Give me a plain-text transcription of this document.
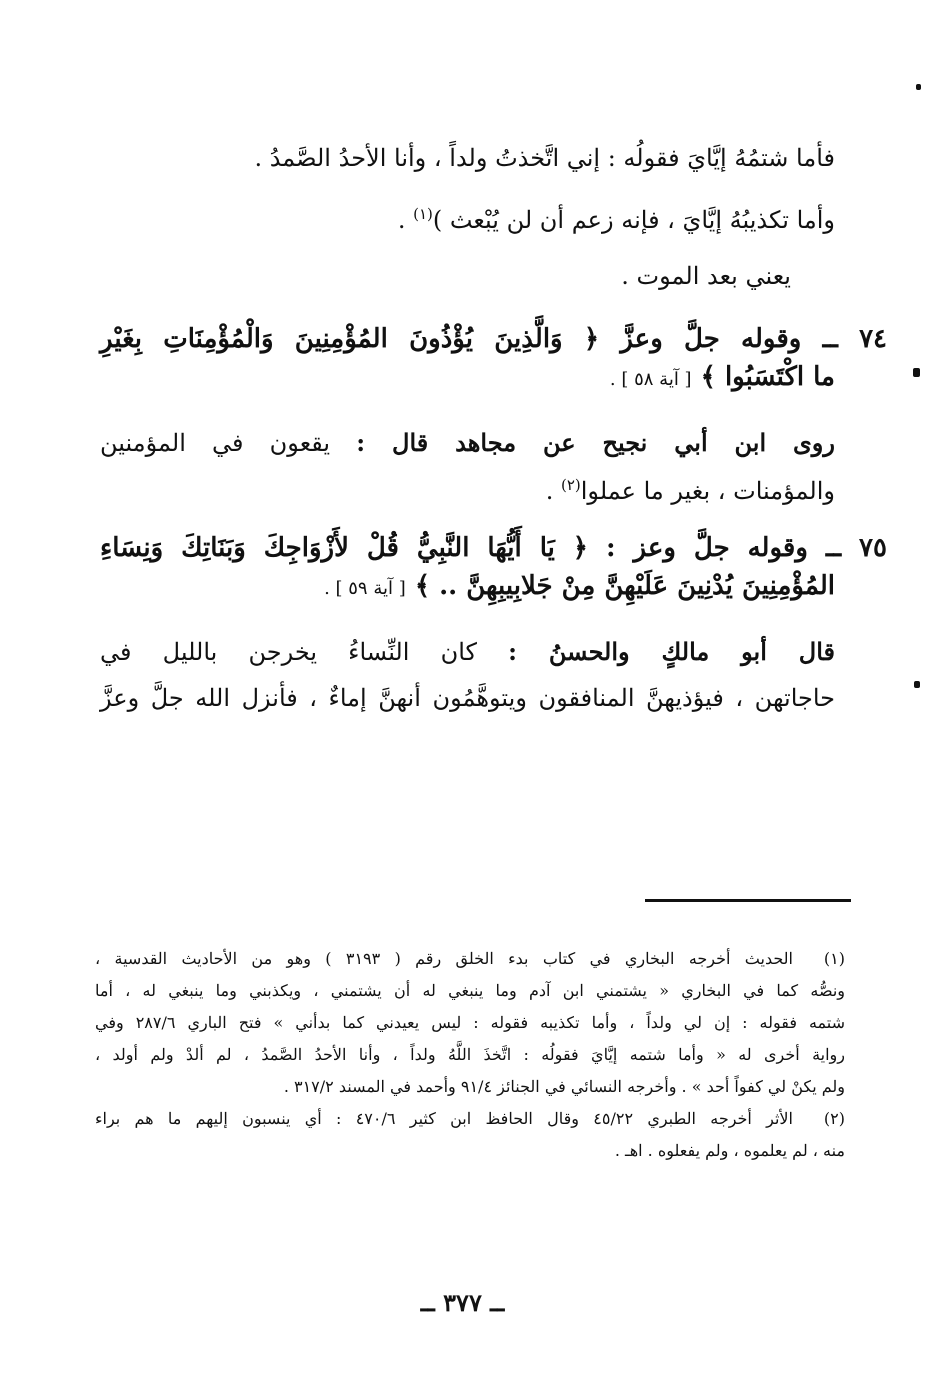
فأما شتمُهُ إيَّايَ فقولُه : إني اتَّخذتُ ولداً ، وأنا الأحدُ الصَّمدُ .

وأما تكذيبُهُ إيَّايَ ، فإنه زعم أن لن يُبْعث )$^{(١)}$ .

يعني بعد الموت .

٧٤ ــ وقوله جلَّ وعزَّ ﴿ وَالَّذِينَ يُؤْذُونَ المُؤْمِنِينَ وَالْمُؤْمِنَاتِ بِغَيْرِ

ما اكْتَسَبُوا ﴾ [ آية ٥٨ ] .

روى ابن أبي نجيح عن مجاهد قال : يقعون في المؤمنين

والمؤمنات ، بغير ما عملوا$^{(٢)}$ .

٧٥ ــ وقوله جلَّ وعز : ﴿ يَا أَيُّهَا النَّبِيُّ قُلْ لأَزْوَاجِكَ وَبَنَاتِكَ وَنِسَاءِ

المُؤْمِنِينَ يُدْنِينَ عَلَيْهِنَّ مِنْ جَلابِيبِهِنَّ .. ﴾ [ آية ٥٩ ] .

قال أبو مالكٍ والحسنُ : كان النِّساءُ يخرجن بالليل في

حاجاتهن ، فيؤذيهنَّ المنافقون ويتوهَّمُون أنهنَّ إماءٌ ، فأنزل الله جلَّ وعزَّ

(١)
الحديث أخرجه البخاري في كتاب بدء الخلق رقم ( ٣١٩٣ ) وهو من الأحاديث القدسية ،
ونصُّه كما في البخاري « يشتمني ابن آدم وما ينبغي له أن يشتمني ، ويكذبني وما ينبغي له ، أما
شتمه فقوله : إن لي ولداً ، وأما تكذيبه فقوله : ليس يعيدني كما بدأني » فتح الباري ٢٨٧/٦ وفي
رواية أخرى له « وأما شتمه إيَّايَ فقولُه : اتَّخذَ اللَّهُ ولداً ، وأنا الأحدُ الصَّمدُ ، لم ألدْ ولم أولد ،
ولم يكنْ لي كفواً أحد » . وأخرجه النسائي في الجنائز ٩١/٤ وأحمد في المسند ٣١٧/٢ .
(٢)
الأثر أخرجه الطبري ٤٥/٢٢ وقال الحافظ ابن كثير ٤٧٠/٦ : أي ينسبون إليهم ما هم براء
منه ، لم يعلموه ، ولم يفعلوه . اهـ .
ــ ٣٧٧ ــ
